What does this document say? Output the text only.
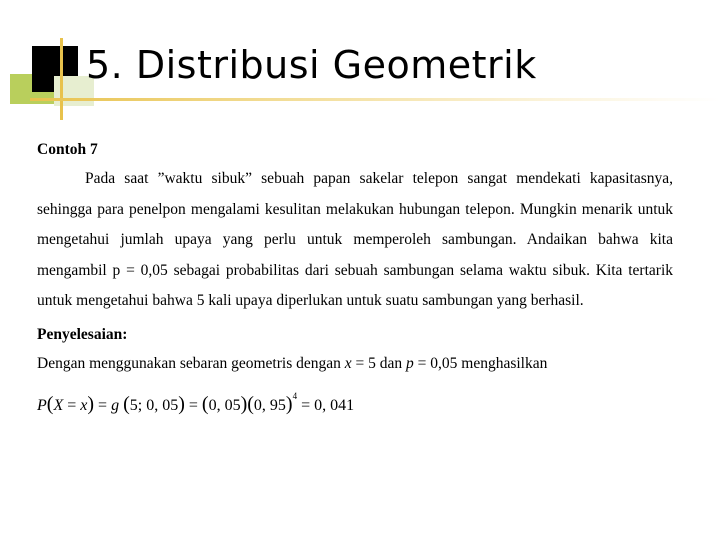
5. Distribusi Geometrik

Contoh 7

Pada saat ”waktu sibuk” sebuah papan sakelar telepon sangat mendekati kapasitasnya, sehingga para penelpon mengalami kesulitan melakukan hubungan telepon. Mungkin menarik untuk mengetahui jumlah upaya yang perlu untuk memperoleh sambungan. Andaikan bahwa kita mengambil p = 0,05 sebagai probabilitas dari sebuah sambungan selama waktu sibuk. Kita tertarik untuk mengetahui bahwa 5 kali upaya diperlukan untuk suatu sambungan yang berhasil.

Penyelesaian:

Dengan menggunakan sebaran geometris dengan x = 5 dan p = 0,05 menghasilkan

P(X = x) = g (5; 0, 05) = (0, 05)(0, 95)$^4$ = 0, 041
